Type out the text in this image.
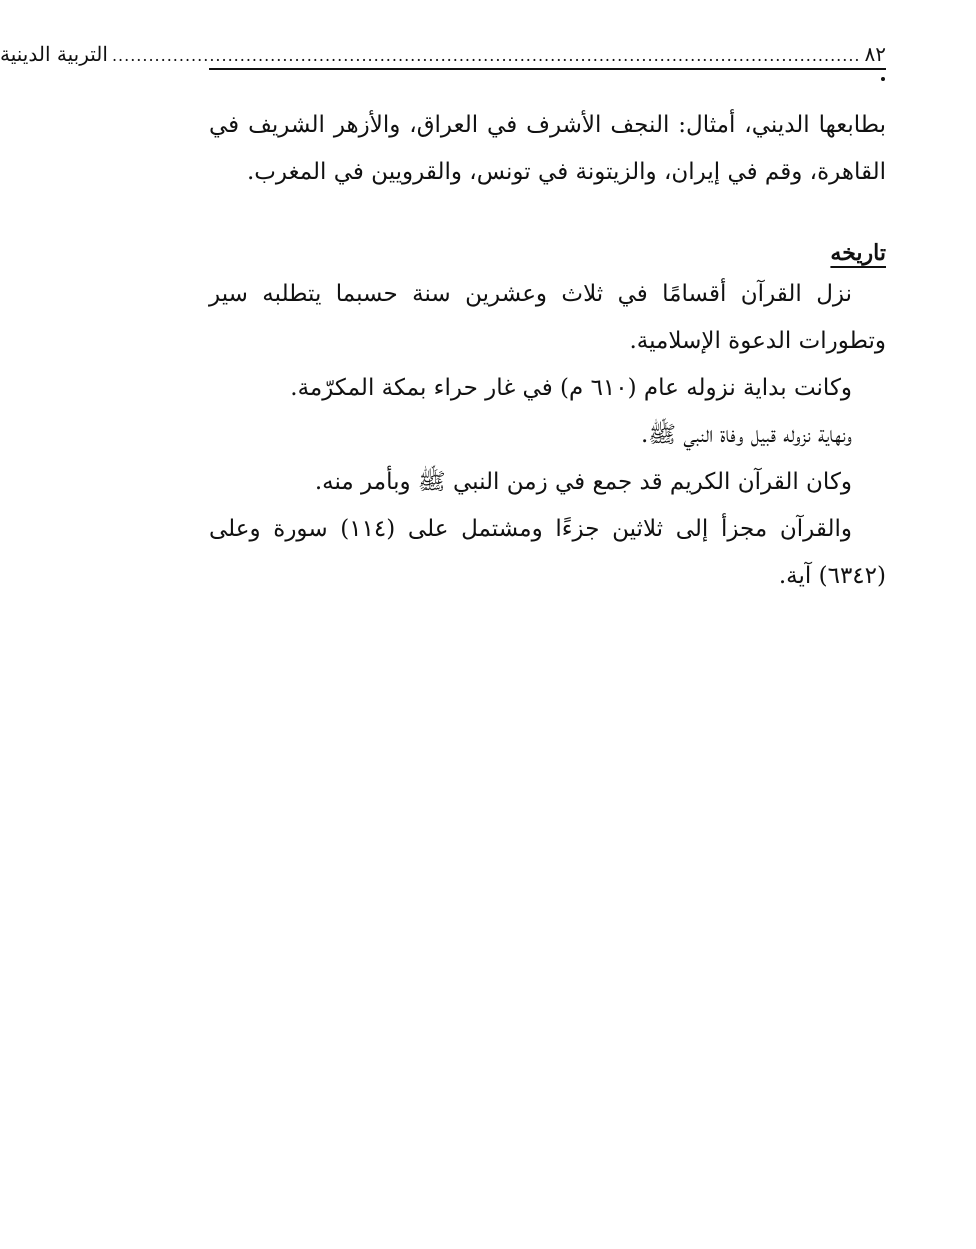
٨٢
...........................................................................................................................
التربية الدينية

بطابعها الديني، أمثال: النجف الأشرف في العراق، والأزهر الشريف في القاهرة، وقم في إيران، والزيتونة في تونس، والقرويين في المغرب.

تاريخه

نزل القرآن أقسامًا في ثلاث وعشرين سنة حسبما يتطلبه سير وتطورات الدعوة الإسلامية.

وكانت بداية نزوله عام (٦١٠ م) في غار حراء بمكة المكرّمة.

ونهاية نزوله قبيل وفاة النبي ﷺ.

وكان القرآن الكريم قد جمع في زمن النبي ﷺ وبأمر منه.

والقرآن مجزأ إلى ثلاثين جزءًا ومشتمل على (١١٤) سورة وعلى (٦٣٤٢) آية.
